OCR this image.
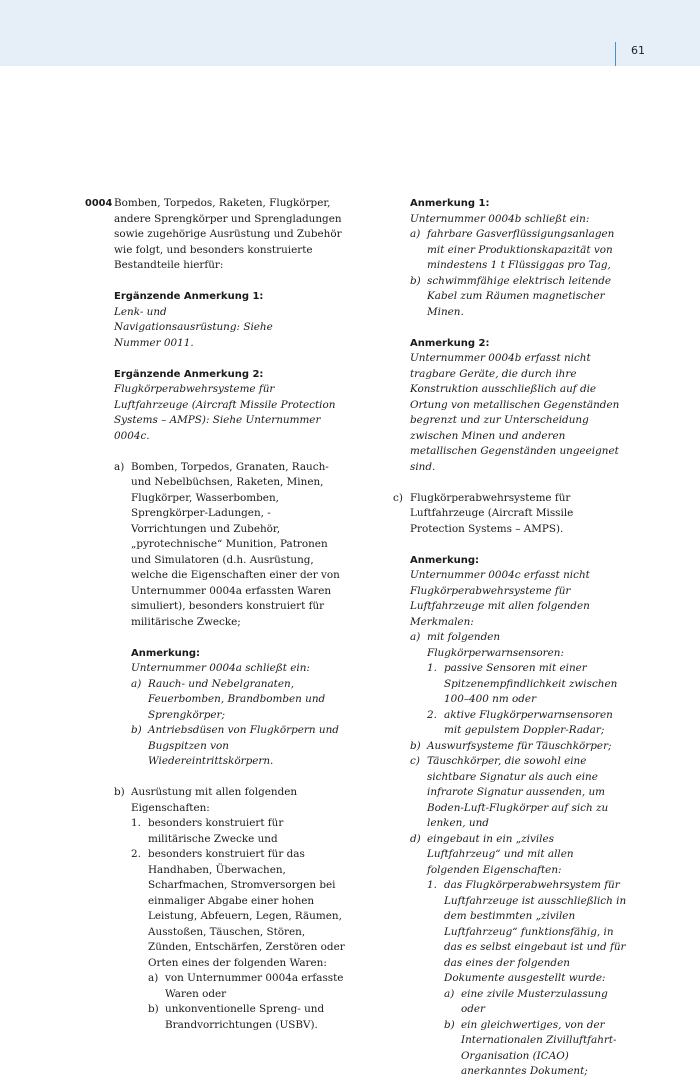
61
0004 Bomben, Torpedos, Raketen, Flugkörper, andere Sprengkörper und Sprengladungen sowie zugehörige Ausrüstung und Zubehör wie folgt, und besonders konstruierte Bestandteile hierfür:

Ergänzende Anmerkung 1:

Lenk- und Navigationsausrüstung: Siehe Nummer 0011.

Ergänzende Anmerkung 2:

Flugkörperabwehrsysteme für Luftfahrzeuge (Aircraft Missile Protection Systems – AMPS): Siehe Unternummer 0004c.

a) Bomben, Torpedos, Granaten, Rauch- und Nebelbüchsen, Raketen, Minen, Flugkörper, Wasserbomben, Sprengkörper-Ladungen, -Vorrichtungen und Zubehör, „pyrotechnische“ Munition, Patronen und Simulatoren (d.h. Ausrüstung, welche die Eigenschaften einer der von Unternummer 0004a erfassten Waren simuliert), besonders konstruiert für militärische Zwecke;

Anmerkung:

Unternummer 0004a schließt ein:

a) Rauch- und Nebelgranaten, Feuerbomben, Brandbomben und Sprengkörper;
b) Antriebsdüsen von Flugkörpern und Bugspitzen von Wiedereintrittskörpern.
b) Ausrüstung mit allen folgenden Eigenschaften:
1. besonders konstruiert für militärische Zwecke und
2. besonders konstruiert für das Handhaben, Überwachen, Scharfmachen, Stromversorgen bei einmaliger Abgabe einer hohen Leistung, Abfeuern, Legen, Räumen, Ausstoßen, Täuschen, Stören, Zünden, Entschärfen, Zerstören oder Orten eines der folgenden Waren:
a) von Unternummer 0004a erfasste Waren oder
b) unkonventionelle Spreng- und Brandvorrichtungen (USBV).

Anmerkung 1:

Unternummer 0004b schließt ein:

a) fahrbare Gasverflüssigungsanlagen mit einer Produktionskapazität von mindestens 1 t Flüssiggas pro Tag,
b) schwimmfähige elektrisch leitende Kabel zum Räumen magnetischer Minen.

Anmerkung 2:

Unternummer 0004b erfasst nicht tragbare Geräte, die durch ihre Konstruktion ausschließlich auf die Ortung von metallischen Gegenständen begrenzt und zur Unterscheidung zwischen Minen und anderen metallischen Gegenständen ungeeignet sind.

c) Flugkörperabwehrsysteme für Luftfahrzeuge (Aircraft Missile Protection Systems – AMPS).

Anmerkung:

Unternummer 0004c erfasst nicht Flugkörperabwehrsysteme für Luftfahrzeuge mit allen folgenden Merkmalen:

a) mit folgenden Flugkörperwarnsensoren:
1. passive Sensoren mit einer Spitzenempfindlichkeit zwischen 100–400 nm oder
2. aktive Flugkörperwarnsensoren mit gepulstem Doppler-Radar;
b) Auswurfsysteme für Täuschkörper;
c) Täuschkörper, die sowohl eine sichtbare Signatur als auch eine infrarote Signatur aussenden, um Boden-Luft-Flugkörper auf sich zu lenken, und
d) eingebaut in ein „ziviles Luftfahrzeug“ und mit allen folgenden Eigenschaften:
1. das Flugkörperabwehrsystem für Luftfahrzeuge ist ausschließlich in dem bestimmten „zivilen Luftfahrzeug“ funktionsfähig, in das es selbst eingebaut ist und für das eines der folgenden Dokumente ausgestellt wurde:
a) eine zivile Musterzulassung oder
b) ein gleichwertiges, von der Internationalen Zivilluftfahrt-Organisation (ICAO) anerkanntes Dokument;
